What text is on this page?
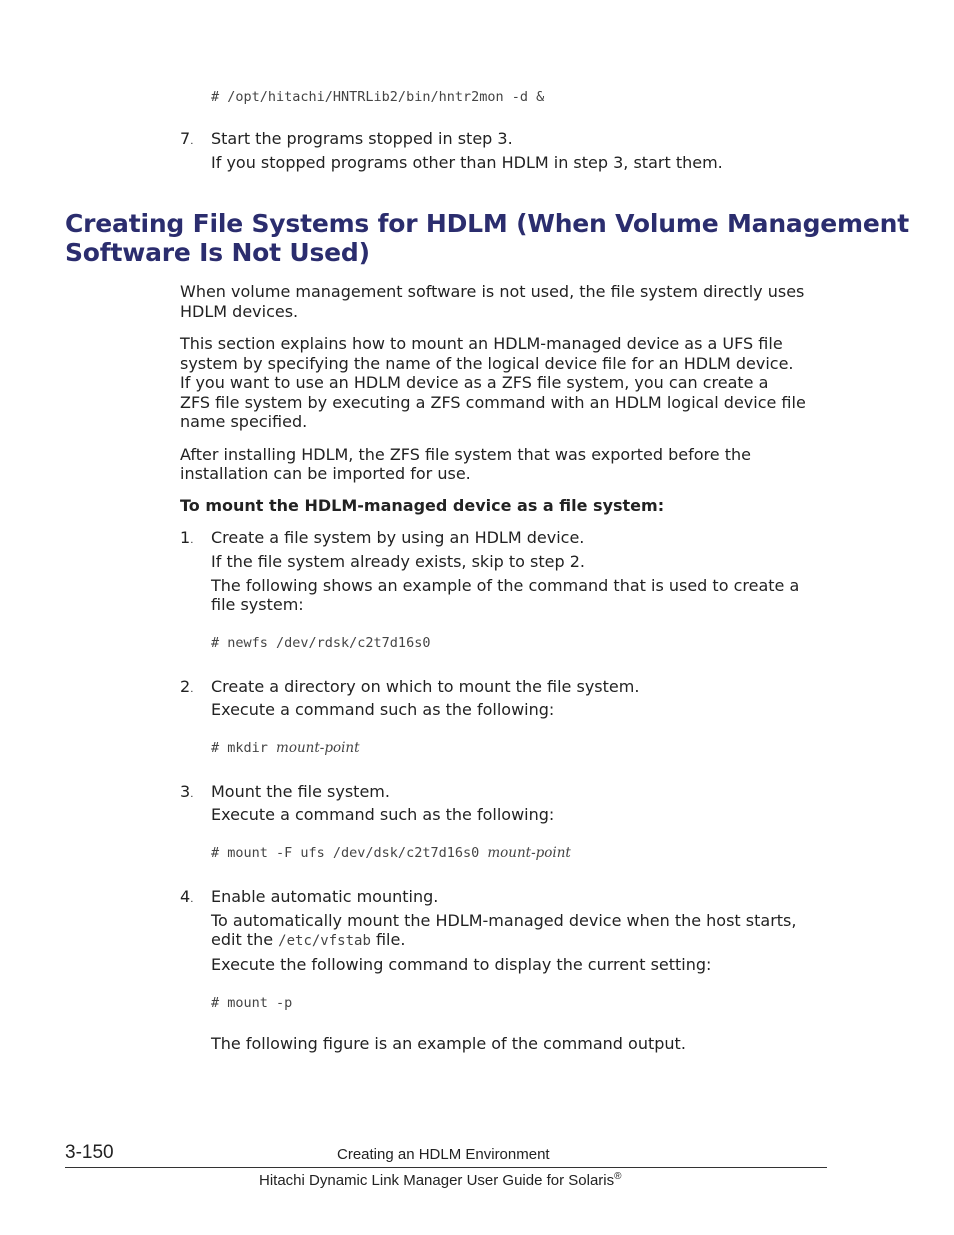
# /opt/hitachi/HNTRLib2/bin/hntr2mon -d &
7. Start the programs stopped in step 3.

If you stopped programs other than HDLM in step 3, start them.

Creating File Systems for HDLM (When Volume Management
Software Is Not Used)

When volume management software is not used, the file system directly uses

HDLM devices.

This section explains how to mount an HDLM-managed device as a UFS file

system by specifying the name of the logical device file for an HDLM device.

If you want to use an HDLM device as a ZFS file system, you can create a

ZFS file system by executing a ZFS command with an HDLM logical device file

name specified.

After installing HDLM, the ZFS file system that was exported before the

installation can be imported for use.

To mount the HDLM-managed device as a file system:

1. Create a file system by using an HDLM device.

If the file system already exists, skip to step 2.

The following shows an example of the command that is used to create a

file system:

# newfs /dev/rdsk/c2t7d16s0
2. Create a directory on which to mount the file system.

Execute a command such as the following:

# mkdir mount-point
3. Mount the file system.

Execute a command such as the following:

# mount -F ufs /dev/dsk/c2t7d16s0 mount-point
4. Enable automatic mounting.

To automatically mount the HDLM-managed device when the host starts,

edit the /etc/vfstab file.

Execute the following command to display the current setting:

# mount -p

The following figure is an example of the command output.

3-150	Creating an HDLM Environment
Hitachi Dynamic Link Manager User Guide for Solaris®
